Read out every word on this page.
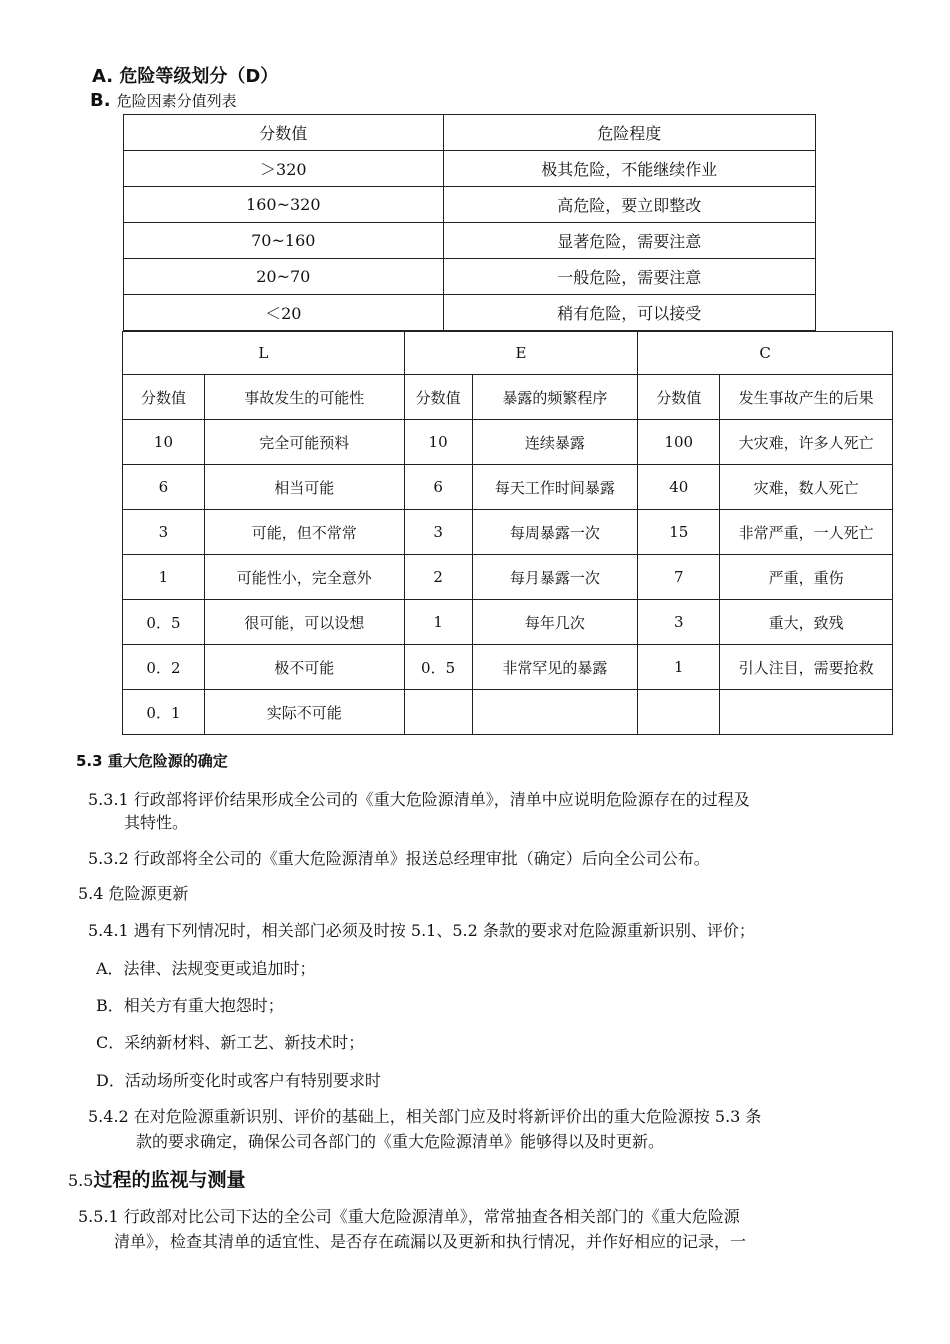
A. 危险等级划分（D）
B. 危险因素分值列表
分数值	危险程度
＞320	极其危险，不能继续作业
160~320	高危险，要立即整改
70~160	显著危险，需要注意
20~70	一般危险，需要注意
＜20	稍有危险，可以接受
L		E		C	
分数值	事故发生的可能性	分数值	暴露的频繁程序	分数值	发生事故产生的后果
10	完全可能预料	10	连续暴露	100	大灾难，许多人死亡
6	相当可能	6	每天工作时间暴露	40	灾难，数人死亡
3	可能，但不常常	3	每周暴露一次	15	非常严重，一人死亡
1	可能性小，完全意外	2	每月暴露一次	7	严重，重伤
0．5	很可能，可以设想	1	每年几次	3	重大，致残
0．2	极不可能	0．5	非常罕见的暴露	1	引人注目，需要抢救
0．1	实际不可能				
5.3 重大危险源的确定
5.3.1 行政部将评价结果形成全公司的《重大危险源清单》，清单中应说明危险源存在的过程及
其特性。
5.3.2 行政部将全公司的《重大危险源清单》报送总经理审批（确定）后向全公司公布。
5.4 危险源更新
5.4.1 遇有下列情况时，相关部门必须及时按 5.1、5.2 条款的要求对危险源重新识别、评价；
A．法律、法规变更或追加时；
B．相关方有重大抱怨时；
C．采纳新材料、新工艺、新技术时；
D．活动场所变化时或客户有特别要求时
5.4.2 在对危险源重新识别、评价的基础上，相关部门应及时将新评价出的重大危险源按 5.3 条
款的要求确定，确保公司各部门的《重大危险源清单》能够得以及时更新。
5.5过程的监视与测量
5.5.1 行政部对比公司下达的全公司《重大危险源清单》，常常抽查各相关部门的《重大危险源
清单》，检查其清单的适宜性、是否存在疏漏以及更新和执行情况，并作好相应的记录，一
